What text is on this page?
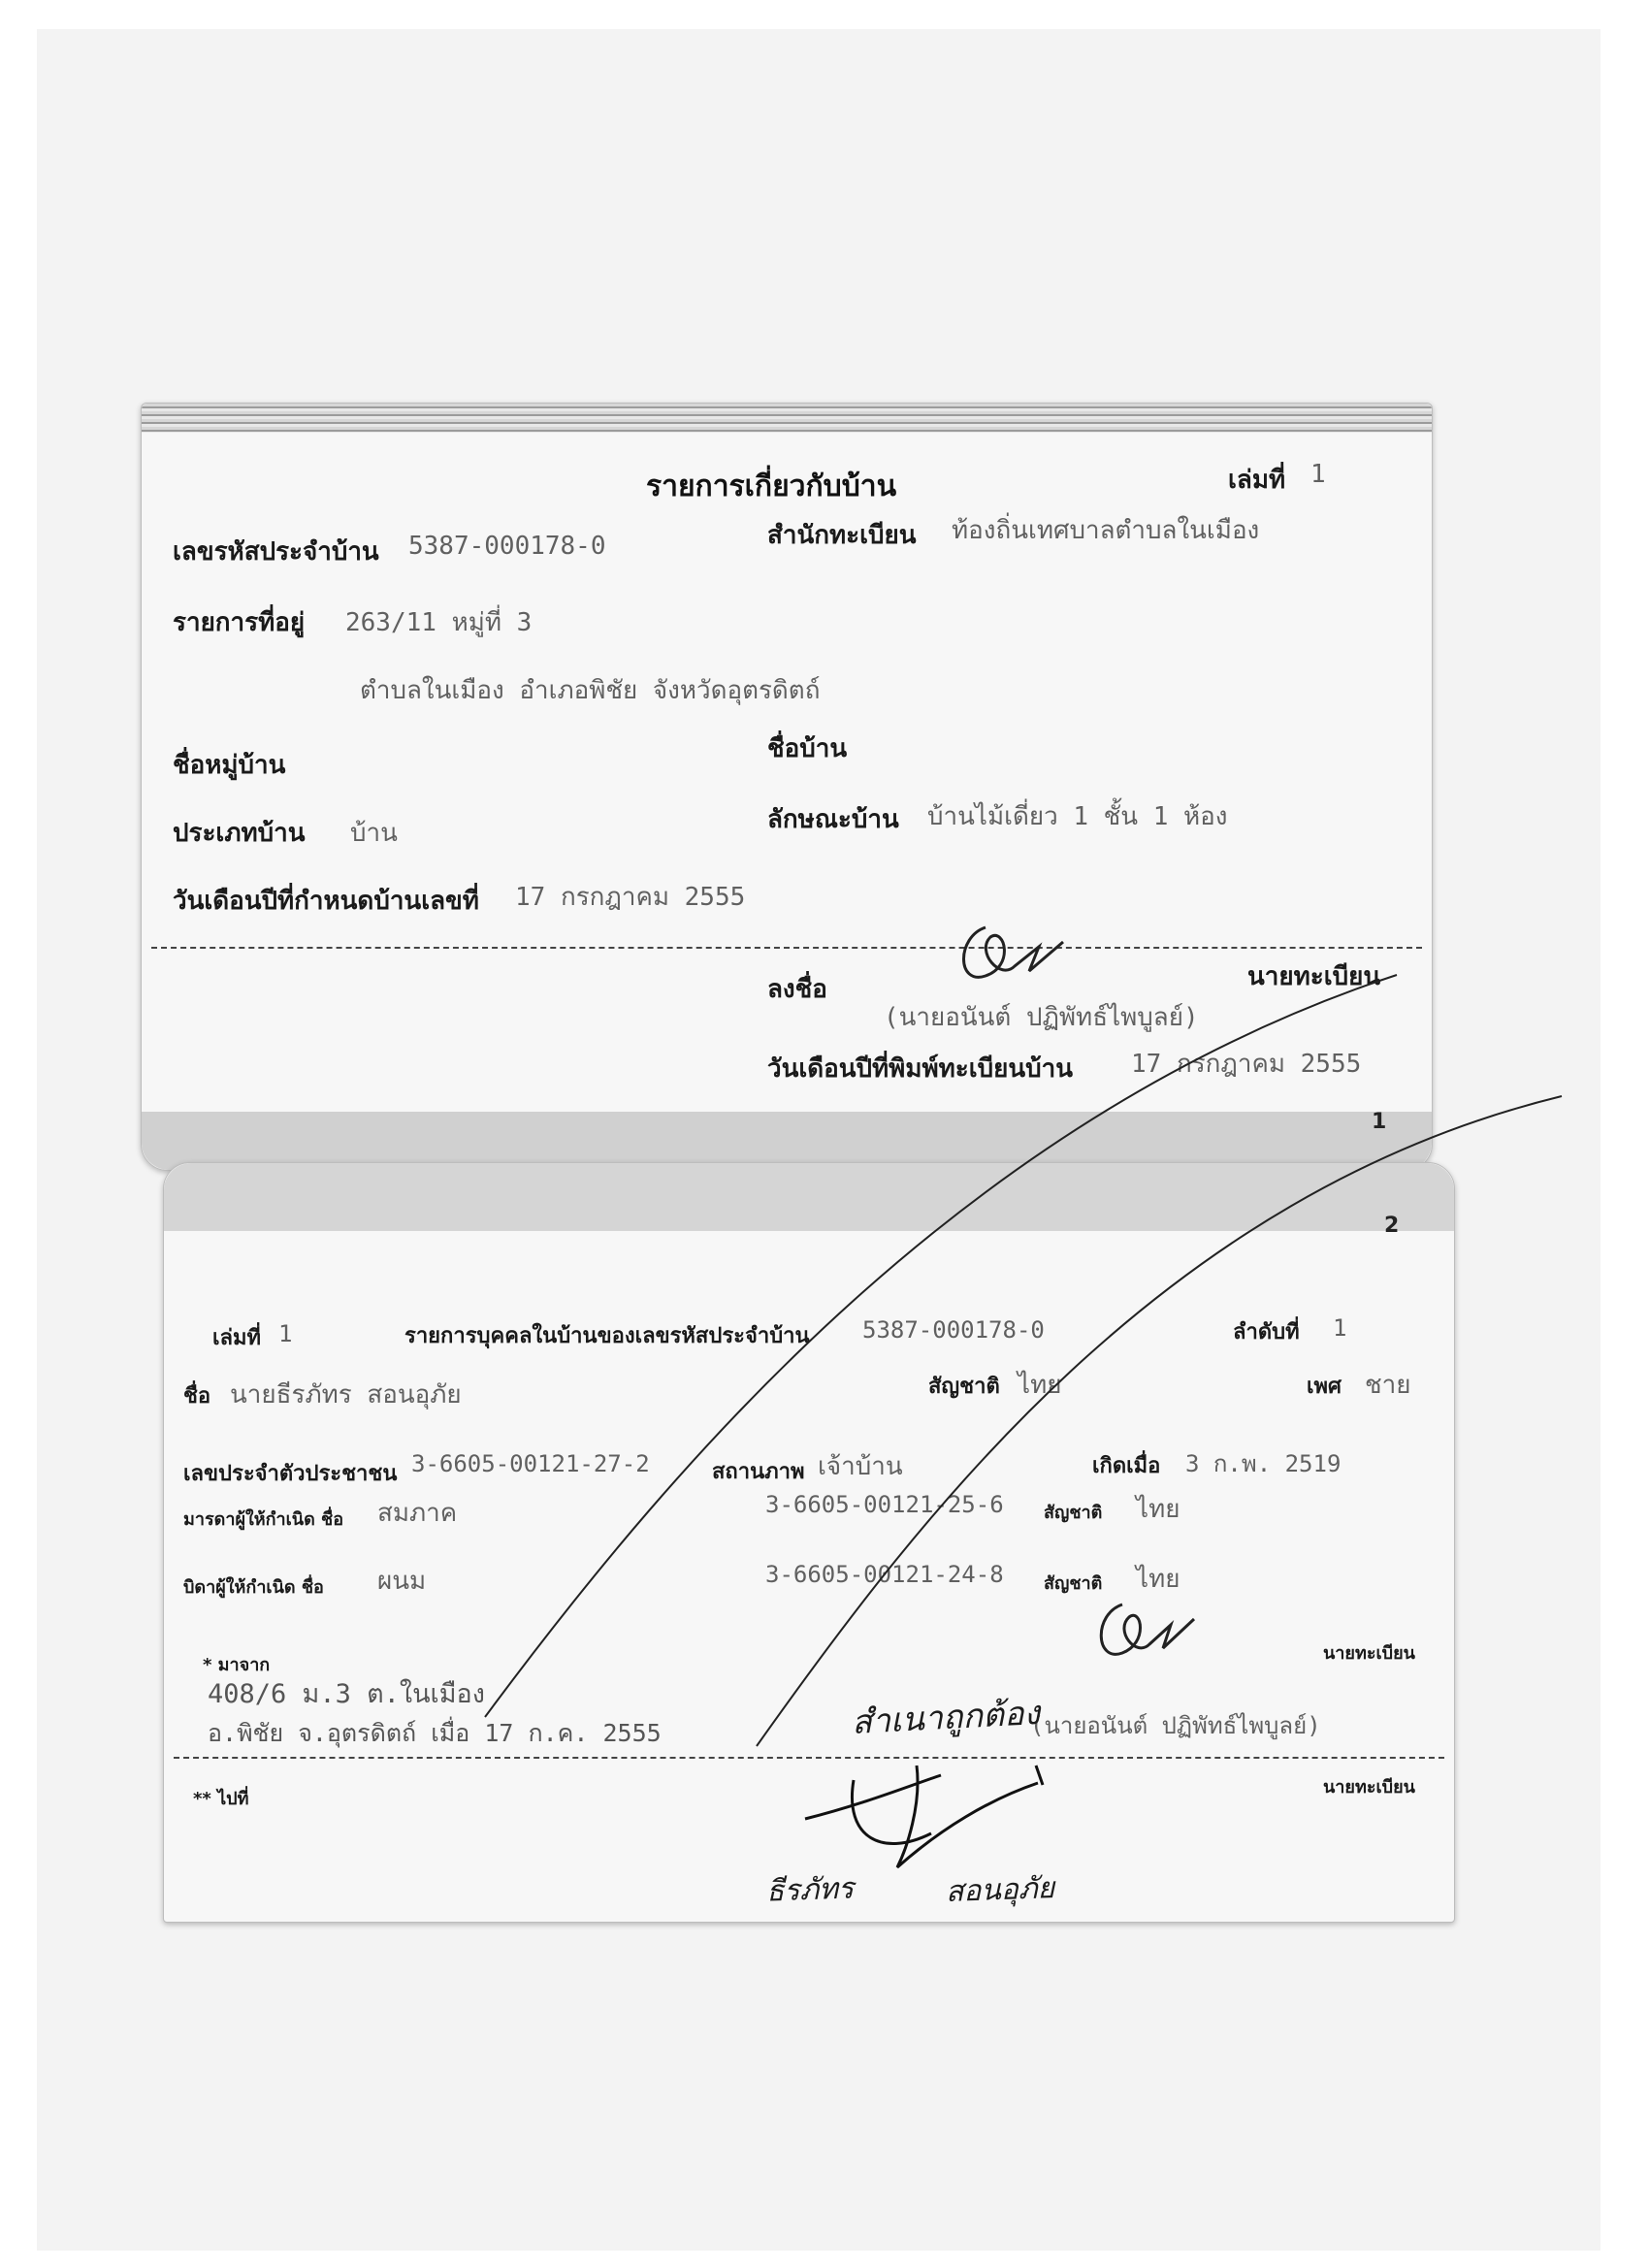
รายการเกี่ยวกับบ้าน	เล่มที่ 1
เลขรหัสประจำบ้าน 5387-000178-0	สำนักทะเบียน ท้องถิ่นเทศบาลตำบลในเมือง
รายการที่อยู่ 263/11 หมู่ที่ 3
ตำบลในเมือง อำเภอพิชัย จังหวัดอุตรดิตถ์
ชื่อหมู่บ้าน
ชื่อบ้าน
ประเภทบ้าน บ้าน	ลักษณะบ้าน บ้านไม้เดี่ยว 1 ชั้น 1 ห้อง
วันเดือนปีที่กำหนดบ้านเลขที่ 17 กรกฎาคม 2555
ลงชื่อ	นายทะเบียน
(นายอนันต์ ปฏิพัทธ์ไพบูลย์)
วันเดือนปีที่พิมพ์ทะเบียนบ้าน 17 กรกฎาคม 2555
1
2
เล่มที่ 1	รายการบุคคลในบ้านของเลขรหัสประจำบ้าน 5387-000178-0	ลำดับที่ 1
ชื่อ นายธีรภัทร สอนอุภัย	สัญชาติ ไทย	เพศ ชาย
เลขประจำตัวประชาชน 3-6605-00121-27-2	สถานภาพ เจ้าบ้าน	เกิดเมื่อ 3 ก.พ. 2519
มารดาผู้ให้กำเนิด ชื่อ สมภาค	3-6605-00121-25-6 สัญชาติ ไทย
บิดาผู้ให้กำเนิด ชื่อ ผนม	3-6605-00121-24-8 สัญชาติ ไทย
* มาจาก
408/6 ม.3 ต.ในเมือง
อ.พิชัย จ.อุตรดิตถ์ เมื่อ 17 ก.ค. 2555
นายทะเบียน
(นายอนันต์ ปฏิพัทธ์ไพบูลย์)
** ไปที่
นายทะเบียน
สำเนาถูกต้อง
ธีรภัทร	สอนอุภัย
